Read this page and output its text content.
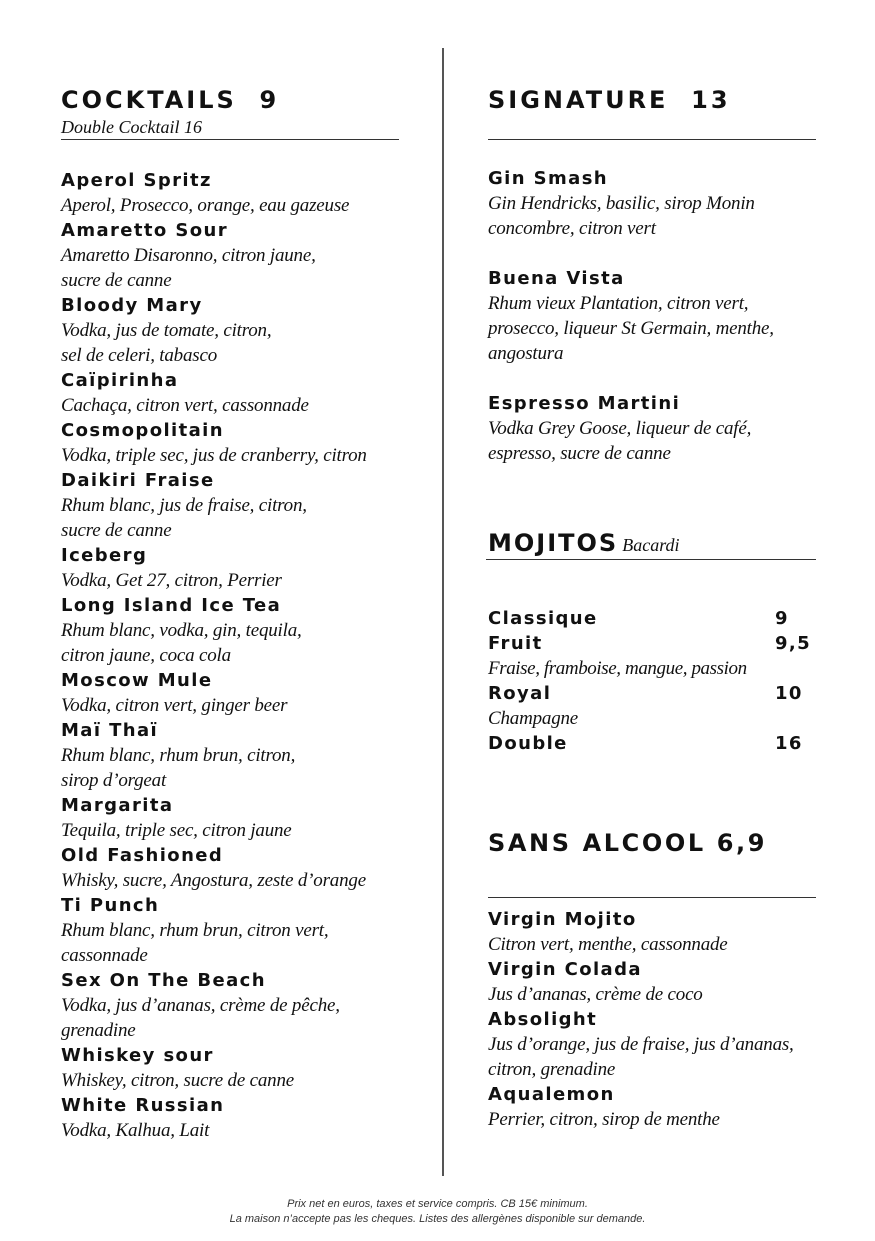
COCKTAILS  9
Double Cocktail 16
Aperol Spritz
Aperol, Prosecco, orange, eau gazeuse
Amaretto Sour
Amaretto Disaronno, citron jaune,
sucre de canne
Bloody Mary
Vodka, jus de tomate, citron,
sel de celeri, tabasco
Caïpirinha
Cachaça, citron vert, cassonnade
Cosmopolitain
Vodka, triple sec, jus de cranberry, citron
Daikiri Fraise
Rhum blanc, jus de fraise, citron,
sucre de canne
Iceberg
Vodka, Get 27, citron, Perrier
Long Island Ice Tea
Rhum blanc, vodka, gin, tequila,
citron jaune, coca cola
Moscow Mule
Vodka, citron vert, ginger beer
Maï Thaï
Rhum blanc, rhum brun, citron,
sirop d’orgeat
Margarita
Tequila, triple sec, citron jaune
Old Fashioned
Whisky, sucre, Angostura, zeste d’orange
Ti Punch
Rhum blanc, rhum brun, citron vert,
cassonnade
Sex On The Beach
Vodka, jus d’ananas, crème de pêche,
grenadine
Whiskey sour
Whiskey, citron, sucre de canne
White Russian
Vodka, Kalhua, Lait
SIGNATURE  13
Gin Smash
Gin Hendricks, basilic, sirop Monin
concombre, citron vert
Buena Vista
Rhum vieux Plantation, citron vert,
prosecco, liqueur St Germain, menthe,
angostura
Espresso Martini
Vodka Grey Goose, liqueur de café,
espresso, sucre de canne
MOJITOS Bacardi
Classique	9
Fruit	9,5
Fraise, framboise, mangue, passion
Royal	10
Champagne
Double	16
SANS ALCOOL 6,9
Virgin Mojito
Citron vert, menthe, cassonnade
Virgin Colada
Jus d’ananas, crème de coco
Absolight
Jus d’orange, jus de fraise, jus d’ananas,
citron, grenadine
Aqualemon
Perrier, citron, sirop de menthe
Prix net en euros, taxes et service compris. CB 15€ minimum.
La maison n’accepte pas les cheques. Listes des allergènes disponible sur demande.
